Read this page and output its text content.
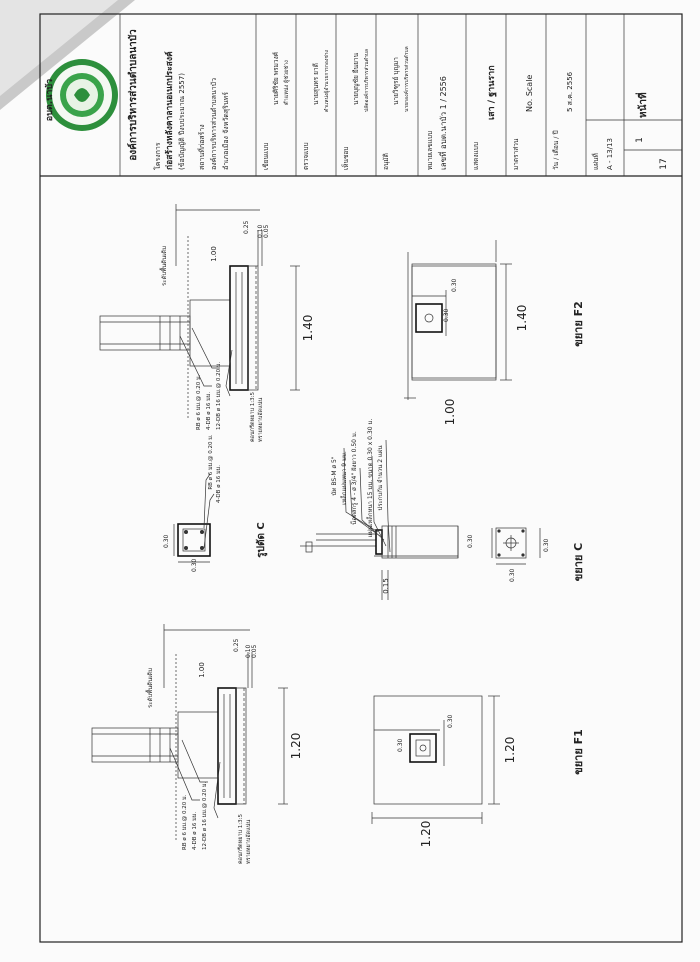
อบต.นาบัว	องค์การบริหารส่วนตำบลนาบัว โครงการ ก่อสร้างหลังคาลานอเนกประสงค์ (ข้อบัญญัติ ปีงบประมาณ 2557) สถานที่ก่อสร้าง องค์การบริหารส่วนตำบลนาบัว อำเภอเมือง จังหวัดสุรินทร์	เขียนแบบ
นายศิริชัย พรมวงศ์ ตำแหน่ง ผู้ช่วยช่าง
ตรวจแบบ
นายสุนทร ยาดี ตำแหน่งผู้อำนวยการกองช่าง
เห็นชอบ
นายบุญชัย ยืนยาน ปลัดองค์การบริหารส่วนตำบล
อนุมัติ
นายวิฑูรย์ บุญมา นายกองค์การบริหารส่วนตำบล
หมายเลขแบบ เลขที่ อบต.นาบัว 1 / 2556	แสดงแบบ
เสา / ฐานราก
มาตราส่วน
No. Scale
วัน / เดือน / ปี
5 ส.ค. 2556
แผ่นที่ A - 13/13
หน้าที่
1
17
ระดับพื้นดินเดิม	1.00
0.25 0.10 0.05
1.40
RB ø 6 มม.@ 0.20 ม. 4-DB ø 16 มม. 12-DB ø 16 มม.@ 0.20 ม.	คอนกรีตหยาบ 1:3:5 ทรายหยาบอัดแน่น
0.30
0.30	1.40
1.00
ขยาย F2
0.30
0.30
RB ø 6 มม.@ 0.20 ม. 4-DB ø 16 มม.
รูปตัด C
นัท BS-M ø 5" เหล็กแผ่นหนา 9 มม. น็อตสกรู 4 - ø 3/4" ฝังยาว 0.50 ม.	แผ่นเหล็กหนา 15 มม. ขนาด 0.30 x 0.30 ม. ประกบกัน จำนวน 2 แผ่น
0.15
0.30
0.30
0.30 ขยาย C
ระดับพื้นดินเดิม	1.00
0.25 0.10 0.05
1.20
RB ø 6 มม.@ 0.20 ม. 4-DB ø 16 มม. 12-DB ø 16 มม.@ 0.20 ม.	คอนกรีตหยาบ 1:3:5 ทรายหยาบอัดแน่น
0.30
0.30
1.20
1.20
ขยาย F1
